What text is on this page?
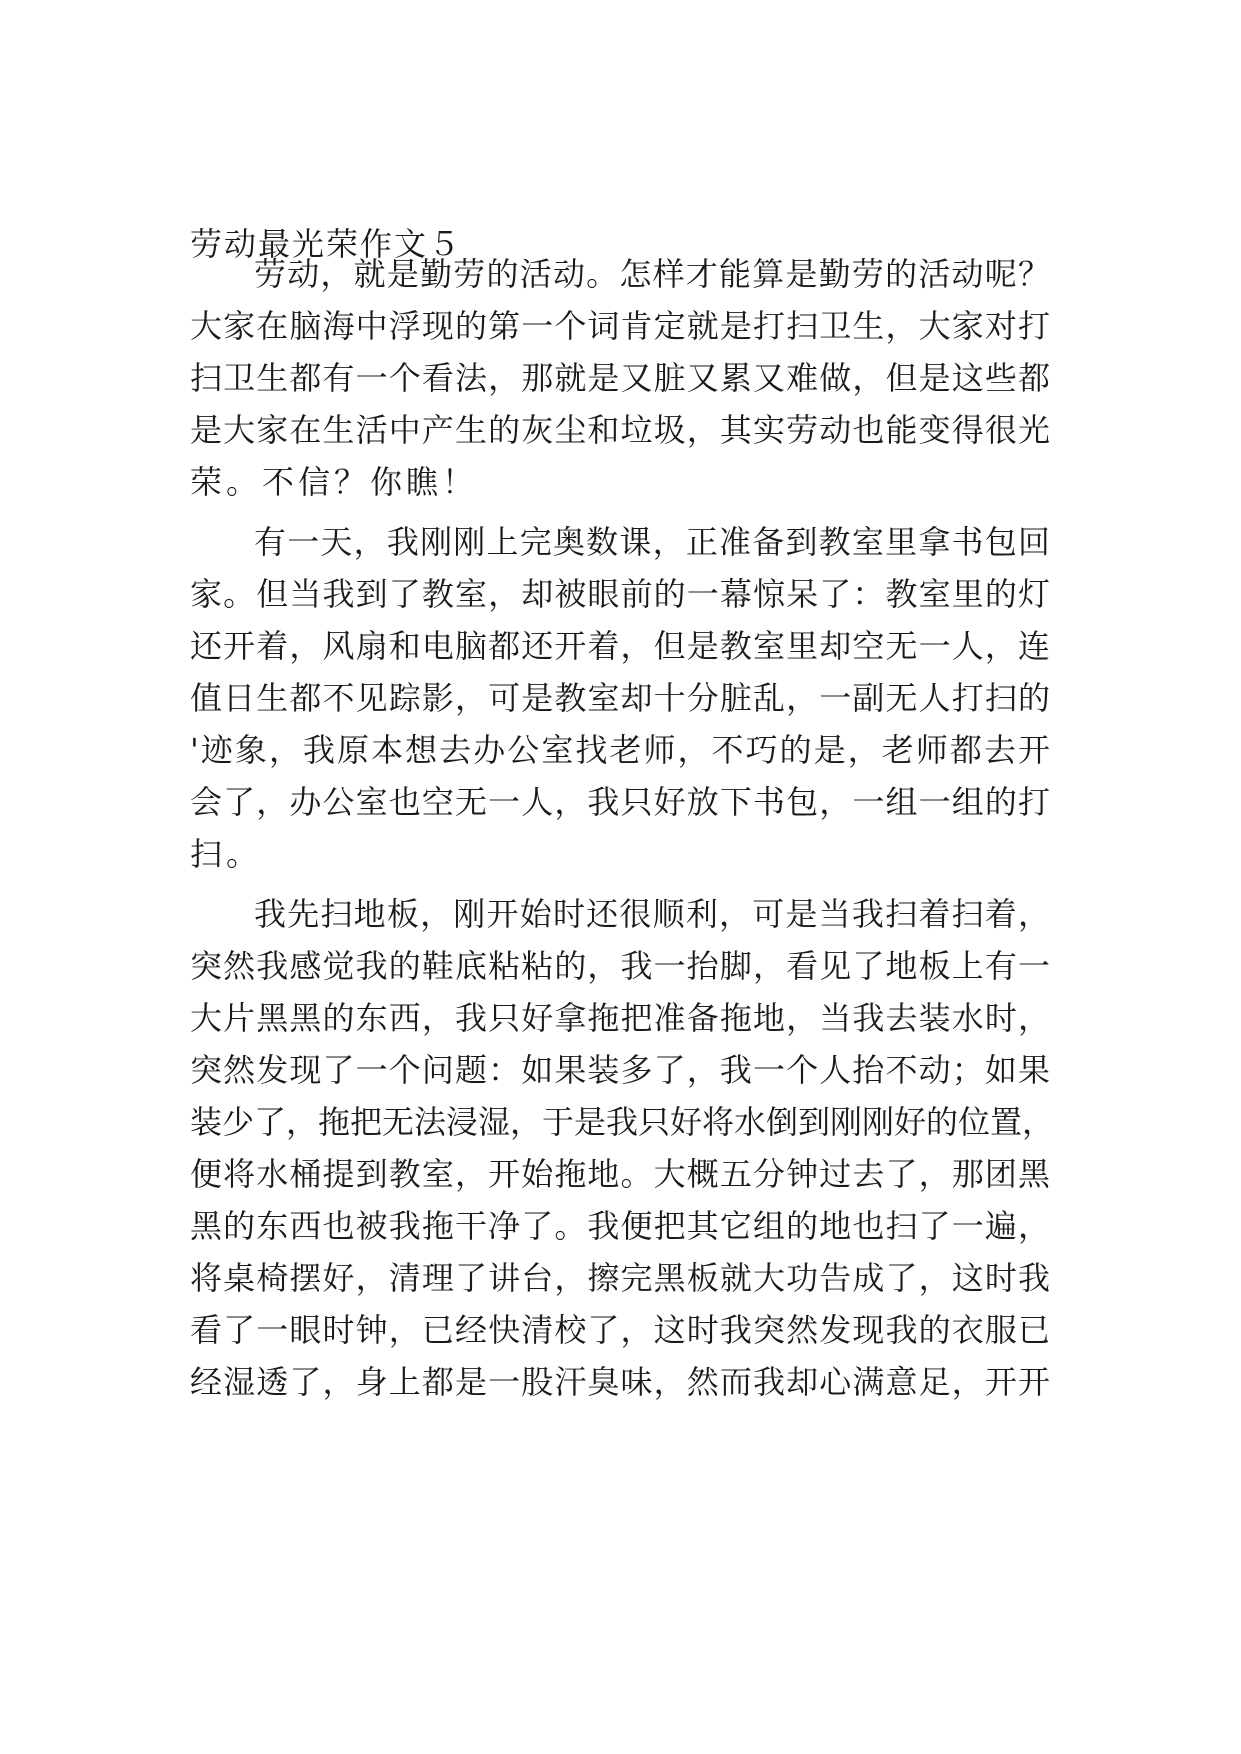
劳动最光荣作文５
劳动，就是勤劳的活动。怎样才能算是勤劳的活动呢？
大家在脑海中浮现的第一个词肯定就是打扫卫生，大家对打
扫卫生都有一个看法，那就是又脏又累又难做，但是这些都
是大家在生活中产生的灰尘和垃圾，其实劳动也能变得很光
荣。不信？你瞧！
有一天，我刚刚上完奥数课，正准备到教室里拿书包回
家。但当我到了教室，却被眼前的一幕惊呆了：教室里的灯
还开着，风扇和电脑都还开着，但是教室里却空无一人，连
值日生都不见踪影，可是教室却十分脏乱，一副无人打扫的
'迹象，我原本想去办公室找老师，不巧的是，老师都去开
会了，办公室也空无一人，我只好放下书包，一组一组的打
扫。
我先扫地板，刚开始时还很顺利，可是当我扫着扫着，
突然我感觉我的鞋底粘粘的，我一抬脚，看见了地板上有一
大片黑黑的东西，我只好拿拖把准备拖地，当我去装水时，
突然发现了一个问题：如果装多了，我一个人抬不动；如果
装少了，拖把无法浸湿，于是我只好将水倒到刚刚好的位置，
便将水桶提到教室，开始拖地。大概五分钟过去了，那团黑
黑的东西也被我拖干净了。我便把其它组的地也扫了一遍，
将桌椅摆好，清理了讲台，擦完黑板就大功告成了，这时我
看了一眼时钟，已经快清校了，这时我突然发现我的衣服已
经湿透了，身上都是一股汗臭味，然而我却心满意足，开开
